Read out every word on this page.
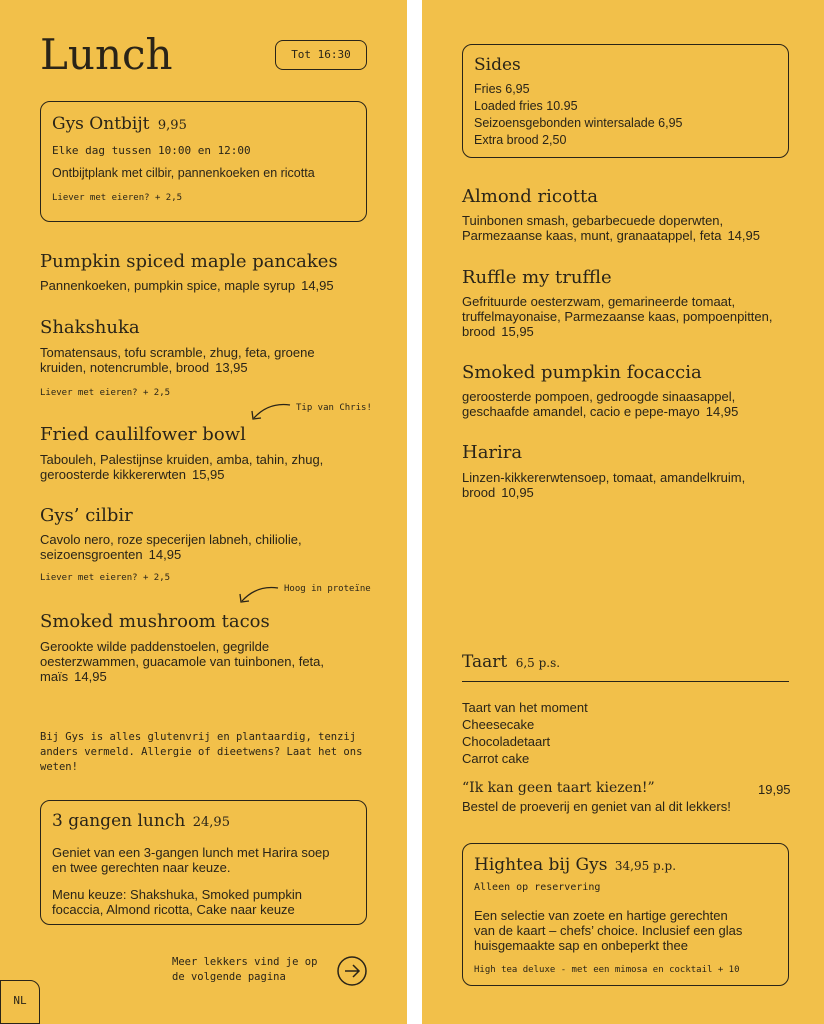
Lunch	Tot 16:30
Gys Ontbijt 9,95
Elke dag tussen 10:00 en 12:00
Ontbijtplank met cilbir, pannenkoeken en ricotta
Liever met eieren? + 2,5
Pumpkin spiced maple pancakes
Pannenkoeken, pumpkin spice, maple syrup 14,95
Shakshuka
Tomatensaus, tofu scramble, zhug, feta, groene
kruiden, notencrumble, brood 13,95
Liever met eieren? + 2,5
Tip van Chris!
Fried caulilfower bowl
Tabouleh, Palestijnse kruiden, amba, tahin, zhug,
geroosterde kikkererwten 15,95
Gys’ cilbir
Cavolo nero, roze specerijen labneh, chiliolie,
seizoensgroenten 14,95
Liever met eieren? + 2,5
Hoog in proteïne
Smoked mushroom tacos
Gerookte wilde paddenstoelen, gegrilde
oesterzwammen, guacamole van tuinbonen, feta,
maïs 14,95
Bij Gys is alles glutenvrij en plantaardig, tenzij
anders vermeld. Allergie of dieetwens? Laat het ons
weten!
3 gangen lunch 24,95
Geniet van een 3-gangen lunch met Harira soep
en twee gerechten naar keuze.
Menu keuze: Shakshuka, Smoked pumpkin
focaccia, Almond ricotta, Cake naar keuze
Meer lekkers vind je op
de volgende pagina
NL
Sides
Fries 6,95
Loaded fries 10.95
Seizoensgebonden wintersalade 6,95
Extra brood 2,50
Almond ricotta
Tuinbonen smash, gebarbecuede doperwten,
Parmezaanse kaas, munt, granaatappel, feta 14,95
Ruffle my truffle
Gefrituurde oesterzwam, gemarineerde tomaat,
truffelmayonaise, Parmezaanse kaas, pompoenpitten,
brood 15,95
Smoked pumpkin focaccia
geroosterde pompoen, gedroogde sinaasappel,
geschaafde amandel, cacio e pepe-mayo 14,95
Harira
Linzen-kikkererwtensoep, tomaat, amandelkruim,
brood 10,95
Taart 6,5 p.s.
Taart van het moment
Cheesecake
Chocoladetaart
Carrot cake
“Ik kan geen taart kiezen!”	19,95
Bestel de proeverij en geniet van al dit lekkers!
Hightea bij Gys 34,95 p.p.
Alleen op reservering
Een selectie van zoete en hartige gerechten
van de kaart – chefs’ choice. Inclusief een glas
huisgemaakte sap en onbeperkt thee
High tea deluxe - met een mimosa en cocktail + 10
